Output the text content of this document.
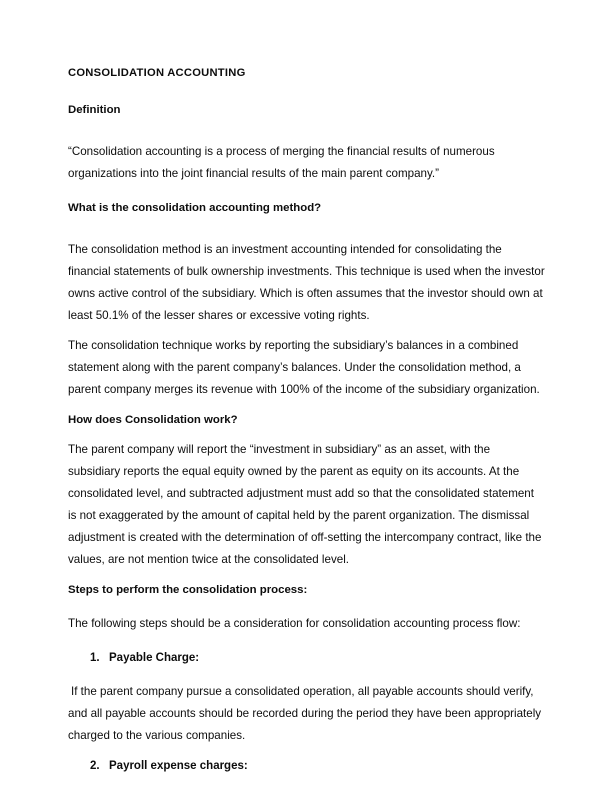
CONSOLIDATION ACCOUNTING
Definition

“Consolidation accounting is a process of merging the financial results of numerous organizations into the joint financial results of the main parent company.”

What is the consolidation accounting method?

The consolidation method is an investment accounting intended for consolidating the financial statements of bulk ownership investments. This technique is used when the investor owns active control of the subsidiary. Which is often assumes that the investor should own at least 50.1% of the lesser shares or excessive voting rights.

The consolidation technique works by reporting the subsidiary’s balances in a combined statement along with the parent company’s balances. Under the consolidation method, a parent company merges its revenue with 100% of the income of the subsidiary organization.

How does Consolidation work?

The parent company will report the “investment in subsidiary” as an asset, with the subsidiary reports the equal equity owned by the parent as equity on its accounts. At the consolidated level, and subtracted adjustment must add so that the consolidated statement is not exaggerated by the amount of capital held by the parent organization. The dismissal adjustment is created with the determination of off-setting the intercompany contract, like the values, are not mention twice at the consolidated level.

Steps to perform the consolidation process:

The following steps should be a consideration for consolidation accounting process flow:

1. Payable Charge:

If the parent company pursue a consolidated operation, all payable accounts should verify, and all payable accounts should be recorded during the period they have been appropriately charged to the various companies.

2. Payroll expense charges:
